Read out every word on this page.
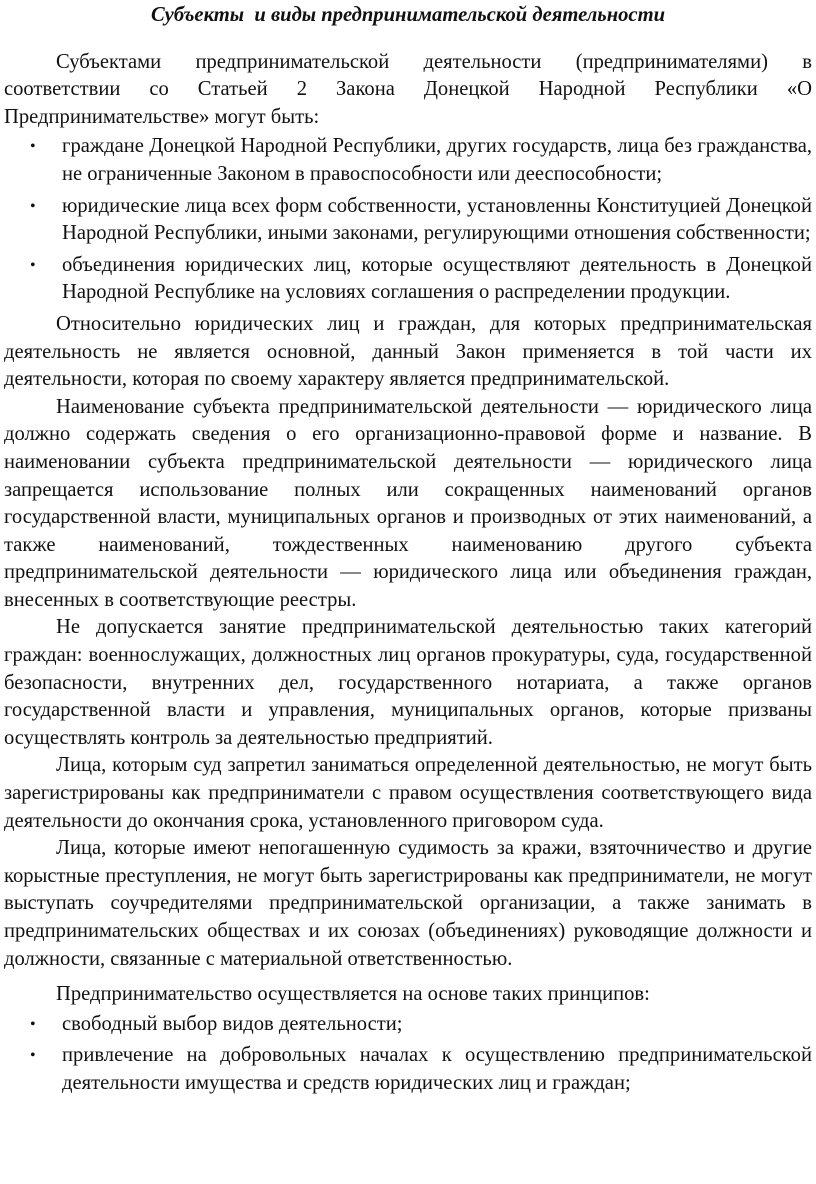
Субъекты  и виды предпринимательской деятельности

Субъектами предпринимательской деятельности (предпринимателями) в соответствии со Статьей 2 Закона Донецкой Народной Республики «О Предпринимательстве» могут быть:

• граждане Донецкой Народной Республики, других государств, лица без гражданства, не ограниченные Законом в правоспособности или дееспособности;
• юридические лица всех форм собственности, установленны Конституцией Донецкой Народной Республики, иными законами, регулирующими отношения собственности;
• объединения юридических лиц, которые осуществляют деятельность в Донецкой Народной Республике на условиях соглашения о распределении продукции.

Относительно юридических лиц и граждан, для которых предпринимательская деятельность не является основной, данный Закон применяется в той части их деятельности, которая по своему характеру является предпринимательской.

Наименование субъекта предпринимательской деятельности — юридического лица должно содержать сведения о его организационно-правовой форме и название. В наименовании субъекта предпринимательской деятельности — юридического лица запрещается использование полных или сокращенных наименований органов государственной власти, муниципальных органов и производных от этих наименований, а также наименований, тождественных наименованию другого субъекта предпринимательской деятельности — юридического лица или объединения граждан, внесенных в соответствующие реестры.

Не допускается занятие предпринимательской деятельностью таких категорий граждан: военнослужащих, должностных лиц органов прокуратуры, суда, государственной безопасности, внутренних дел, государственного нотариата, а также органов государственной власти и управления, муниципальных органов, которые призваны осуществлять контроль за деятельностью предприятий.

Лица, которым суд запретил заниматься определенной деятельностью, не могут быть зарегистрированы как предприниматели с правом осуществления соответствующего вида деятельности до окончания срока, установленного приговором суда.

Лица, которые имеют непогашенную судимость за кражи, взяточничество и другие корыстные преступления, не могут быть зарегистрированы как предприниматели, не могут выступать соучредителями предпринимательской организации, а также занимать в предпринимательских обществах и их союзах (объединениях) руководящие должности и должности, связанные с материальной ответственностью.

Предпринимательство осуществляется на основе таких принципов:

• свободный выбор видов деятельности;
• привлечение на добровольных началах к осуществлению предпринимательской деятельности имущества и средств юридических лиц и граждан;
